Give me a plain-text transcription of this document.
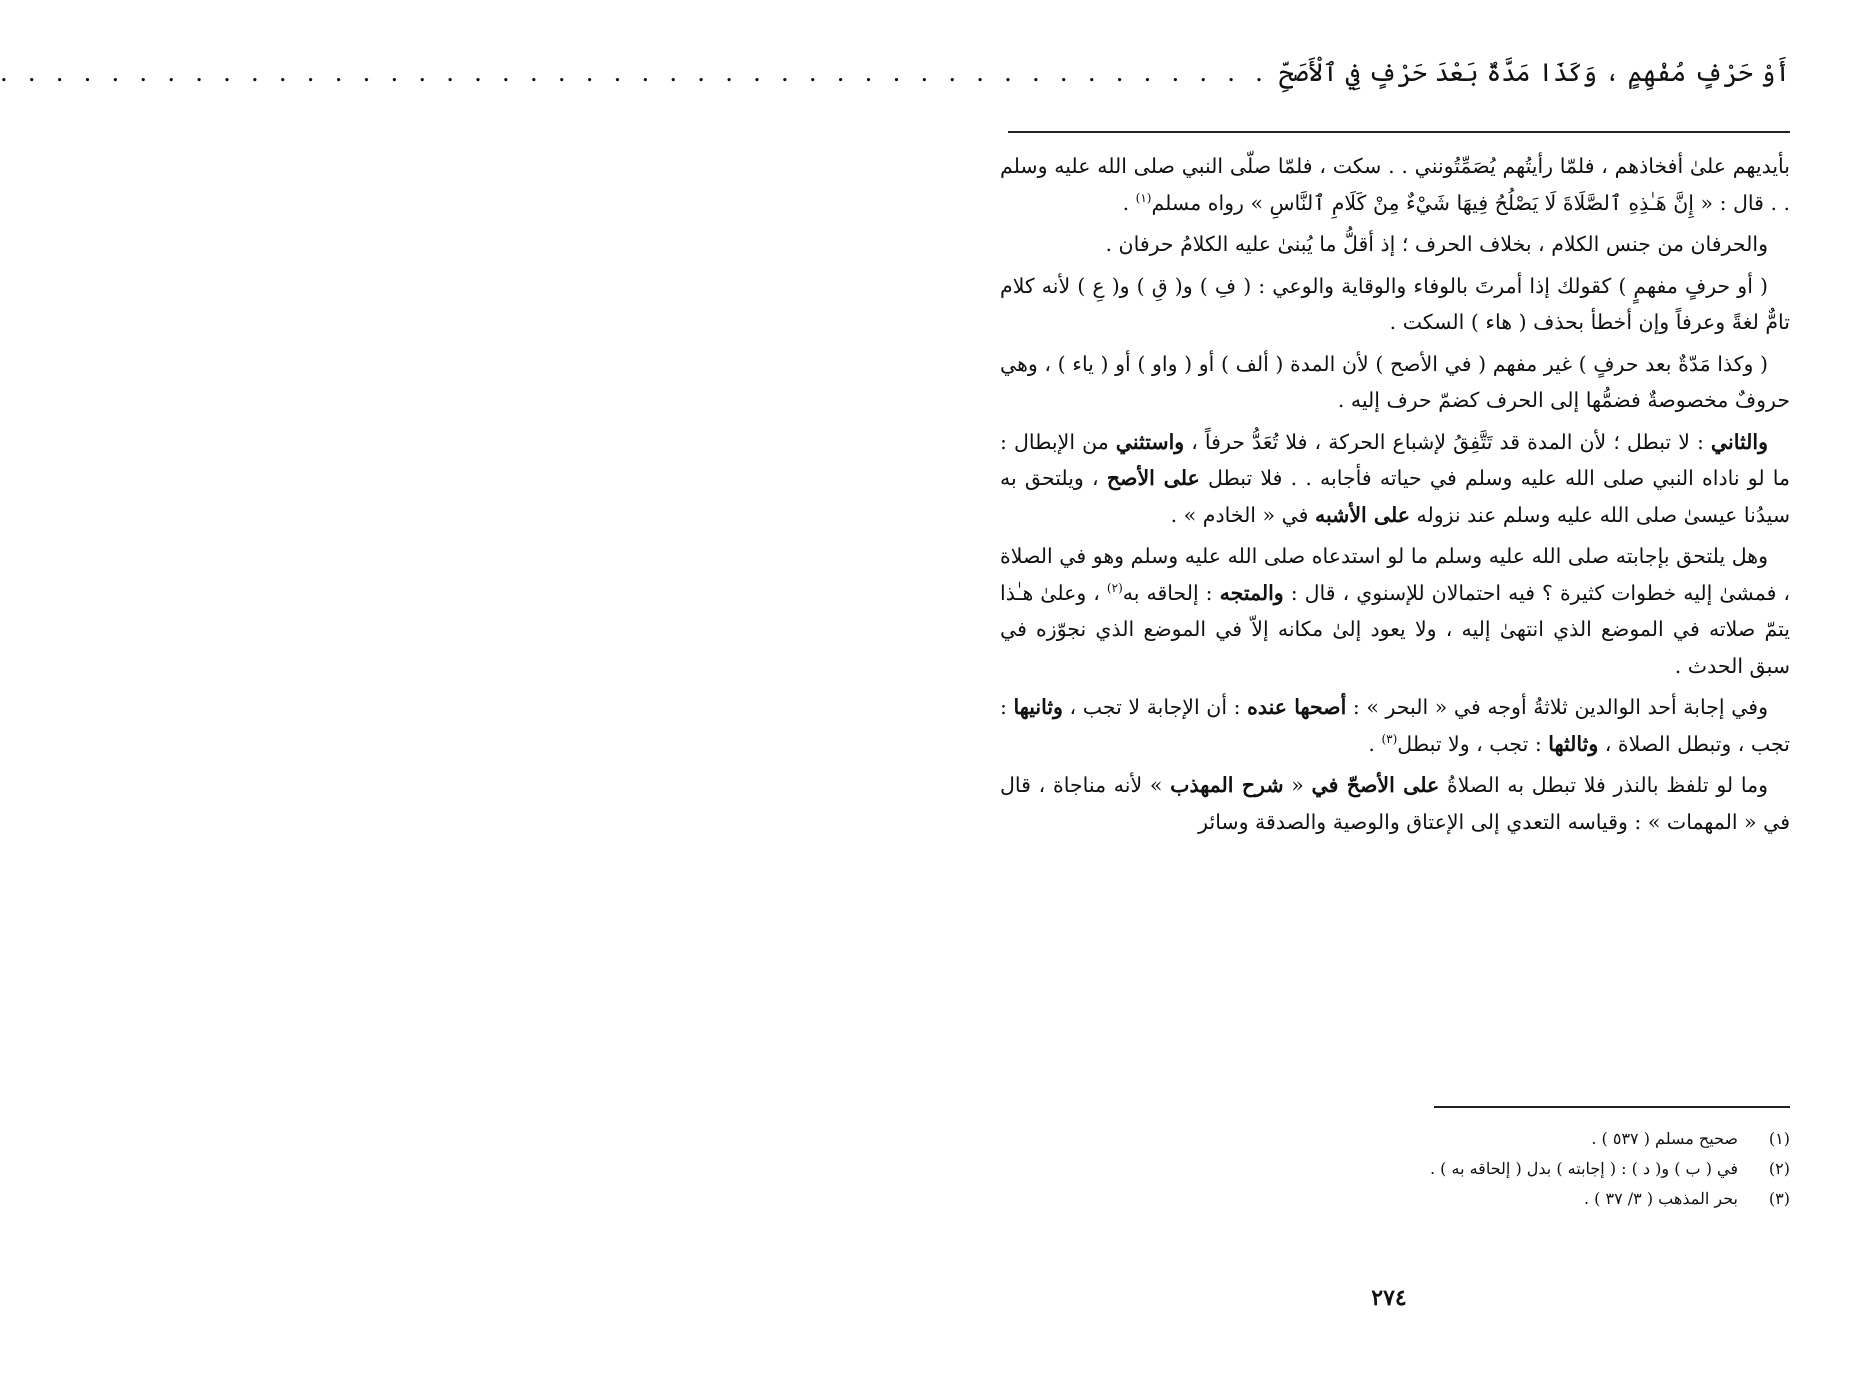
أَوْ حَرْفٍ مُفْهِمٍ ، وَكَذَا مَدَّةٌ بَعْدَ حَرْفٍ فِي ٱلْأَصَحِّ
. . . . . . . . . . . . . . . . . . . . . . . . . . . . . . . . . . . . . . . . . . . . . .

بأيديهم علىٰ أفخاذهم ، فلمّا رأيتُهم يُصَمِّتُونني . . سكت ، فلمّا صلّى النبي صلى الله عليه وسلم . . قال : « إِنَّ هَـٰذِهِ ٱلصَّلَاةَ لَا يَصْلُحُ فِيهَا شَيْءٌ مِنْ كَلَامِ ٱلنَّاسِ » رواه مسلم$^{(١)}$ .

والحرفان من جنس الكلام ، بخلاف الحرف ؛ إذ أقلُّ ما يُبنىٰ عليه الكلامُ حرفان .

( أو حرفٍ مفهمٍ ) كقولك إذا أمرتَ بالوفاء والوقاية والوعي : ( فِ ) و( قِ ) و( عِ ) لأنه كلام تامٌّ لغةً وعرفاً وإن أخطأ بحذف ( هاء ) السكت .

( وكذا مَدّةٌ بعد حرفٍ ) غير مفهم ( في الأصح ) لأن المدة ( ألف ) أو ( واو ) أو ( ياء ) ، وهي حروفٌ مخصوصةٌ فضمُّها إلى الحرف كضمّ حرف إليه .

والثاني : لا تبطل ؛ لأن المدة قد تَتَّفِقُ لإشباع الحركة ، فلا تُعَدُّ حرفاً ، واستثني من الإبطال : ما لو ناداه النبي صلى الله عليه وسلم في حياته فأجابه . . فلا تبطل على الأصح ، ويلتحق به سيدُنا عيسىٰ صلى الله عليه وسلم عند نزوله على الأشبه في « الخادم » .

وهل يلتحق بإجابته صلى الله عليه وسلم ما لو استدعاه صلى الله عليه وسلم وهو في الصلاة ، فمشىٰ إليه خطوات كثيرة ؟ فيه احتمالان للإسنوي ، قال : والمتجه : إلحاقه به$^{(٢)}$ ، وعلىٰ هـٰذا يتمّ صلاته في الموضع الذي انتهىٰ إليه ، ولا يعود إلىٰ مكانه إلاّ في الموضع الذي نجوّزه في سبق الحدث .

وفي إجابة أحد الوالدين ثلاثةُ أوجه في « البحر » : أصحها عنده : أن الإجابة لا تجب ، وثانيها : تجب ، وتبطل الصلاة ، وثالثها : تجب ، ولا تبطل$^{(٣)}$ .

وما لو تلفظ بالنذر فلا تبطل به الصلاةُ على الأصحّ في « شرح المهذب » لأنه مناجاة ، قال في « المهمات » : وقياسه التعدي إلى الإعتاق والوصية والصدقة وسائر

(١)
صحيح مسلم ( ٥٣٧ ) .
(٢)
في ( ب ) و( د ) : ( إجابته ) بدل ( إلحاقه به ) .
(٣)
بحر المذهب ( ٣/ ٣٧ ) .
٢٧٤
